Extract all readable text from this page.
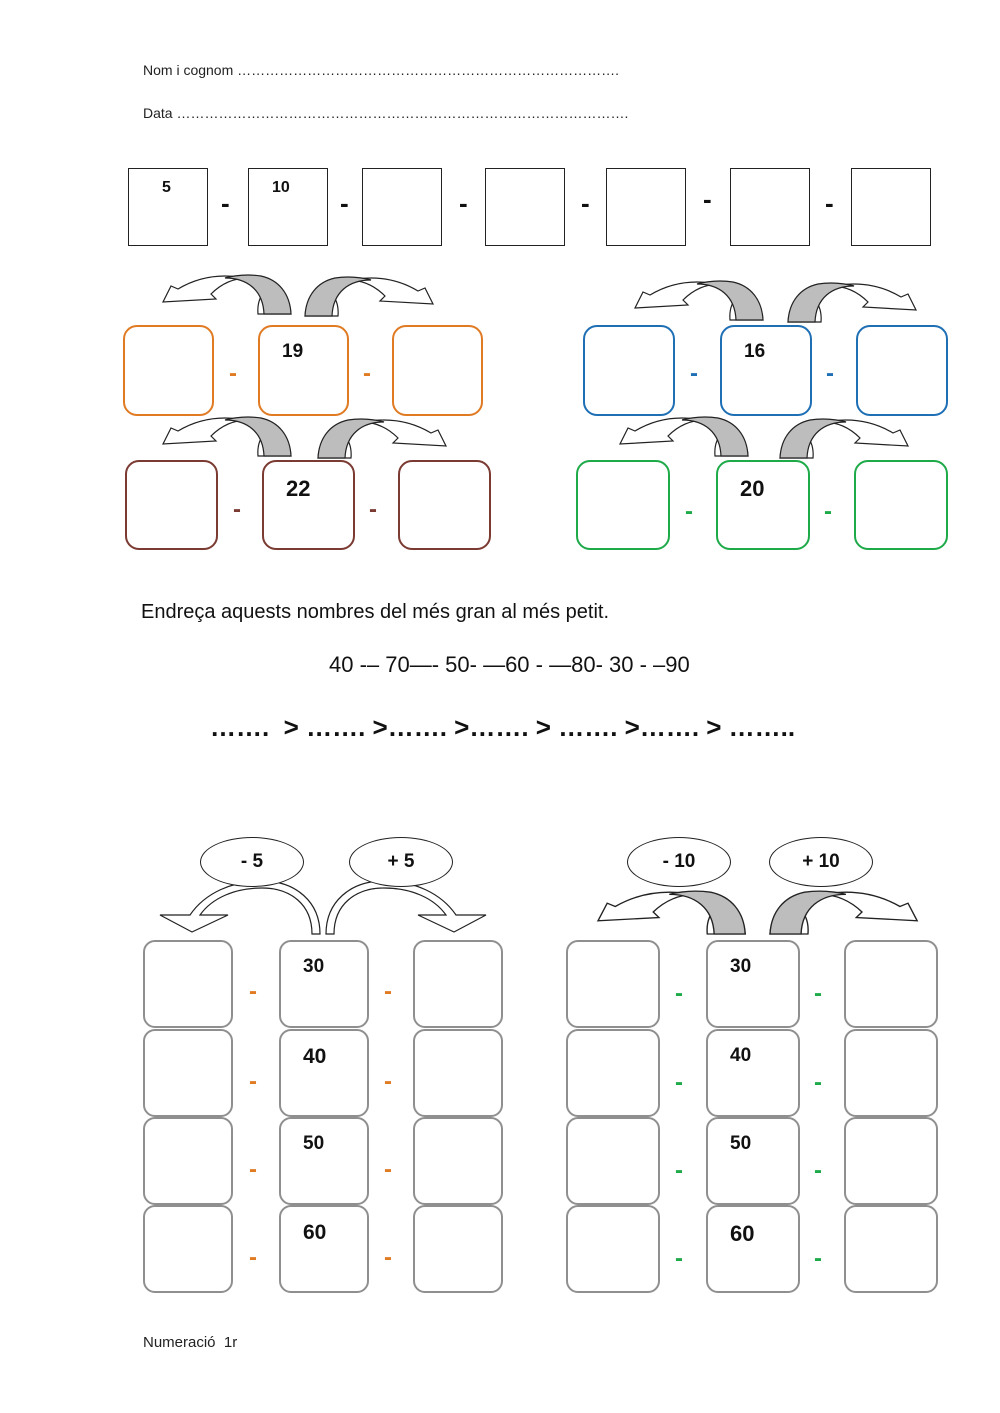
Nom i cognom ……………………………………………………………………….
Data …………………………………………………………………………………….
5
-
10
-	-	-	-	-
-
19
-	-
16
-
-
22
-	-
20
-
Endreça aquests nombres del més gran al més petit.
40 -– 70—- 50- —60 - —80- 30 - –90
…….  > ……. >……. >……. > ……. >……. > ……..
- 5	+ 5
30
40
50
60
-
-
-
-
-
-
-
-
- 10	+ 10
30
40
50
60
-
-
-
-
-
-
-
-
Numeració  1r
